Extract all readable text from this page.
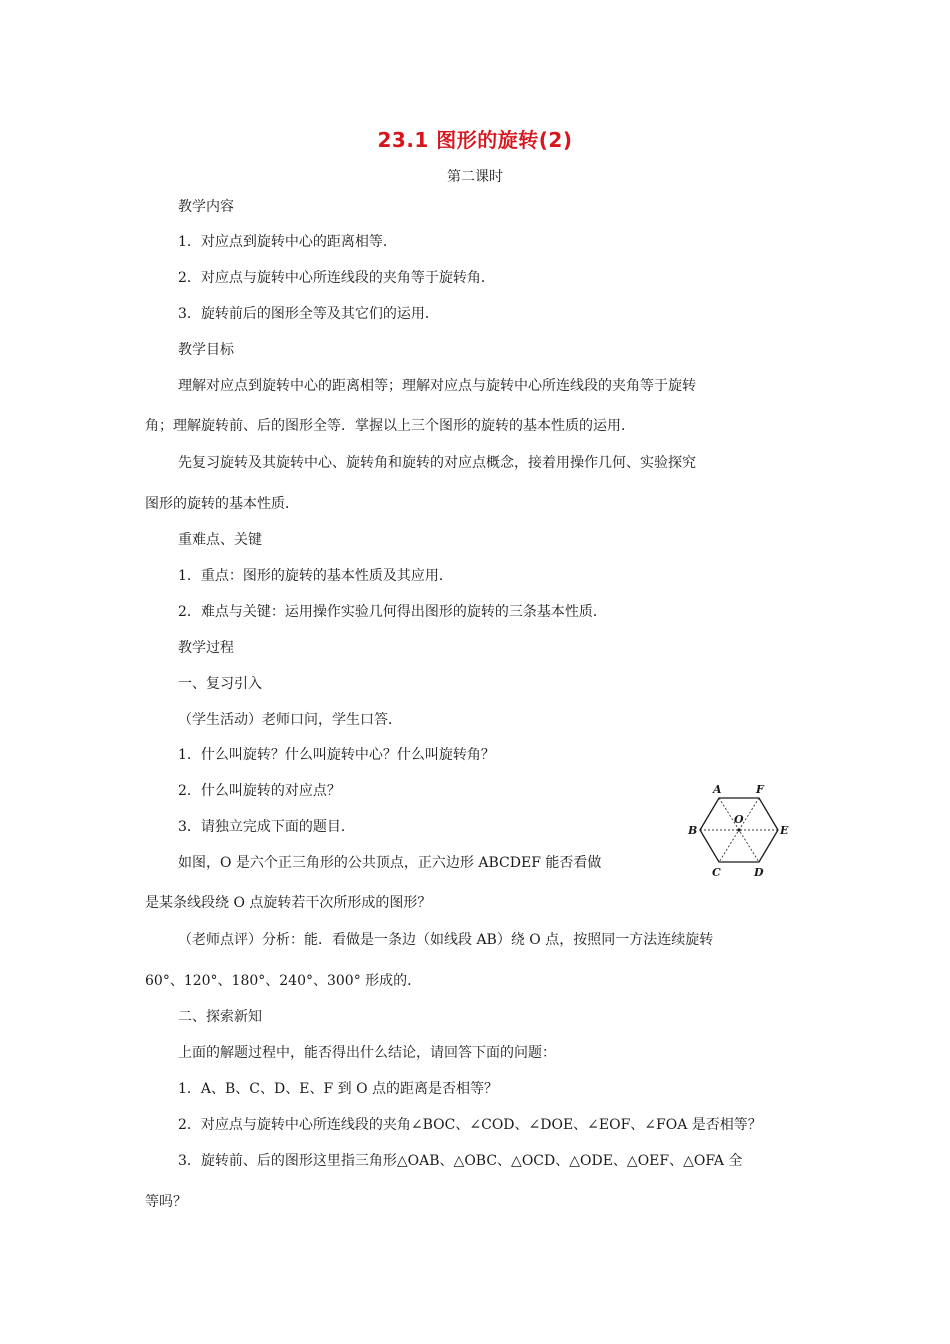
23.1 图形的旋转(2)
第二课时
教学内容
1．对应点到旋转中心的距离相等．
2．对应点与旋转中心所连线段的夹角等于旋转角．
3．旋转前后的图形全等及其它们的运用．
教学目标
理解对应点到旋转中心的距离相等；理解对应点与旋转中心所连线段的夹角等于旋转
角；理解旋转前、后的图形全等．掌握以上三个图形的旋转的基本性质的运用．
先复习旋转及其旋转中心、旋转角和旋转的对应点概念，接着用操作几何、实验探究
图形的旋转的基本性质．
重难点、关键
1．重点：图形的旋转的基本性质及其应用．
2．难点与关键：运用操作实验几何得出图形的旋转的三条基本性质．
教学过程
一、复习引入
（学生活动）老师口问，学生口答．
1．什么叫旋转？什么叫旋转中心？什么叫旋转角？
2．什么叫旋转的对应点？
3．请独立完成下面的题目．
如图，O 是六个正三角形的公共顶点，正六边形 ABCDEF 能否看做
是某条线段绕 O 点旋转若干次所形成的图形？
（老师点评）分析：能．看做是一条边（如线段 AB）绕 O 点，按照同一方法连续旋转
60°、120°、180°、240°、300° 形成的．
二、探索新知
上面的解题过程中，能否得出什么结论，请回答下面的问题：
1．A、B、C、D、E、F 到 O 点的距离是否相等？
2．对应点与旋转中心所连线段的夹角∠BOC、∠COD、∠DOE、∠EOF、∠FOA 是否相等？
3．旋转前、后的图形这里指三角形△OAB、△OBC、△OCD、△ODE、△OEF、△OFA 全
等吗？
A	F
B
O
E
C	D
